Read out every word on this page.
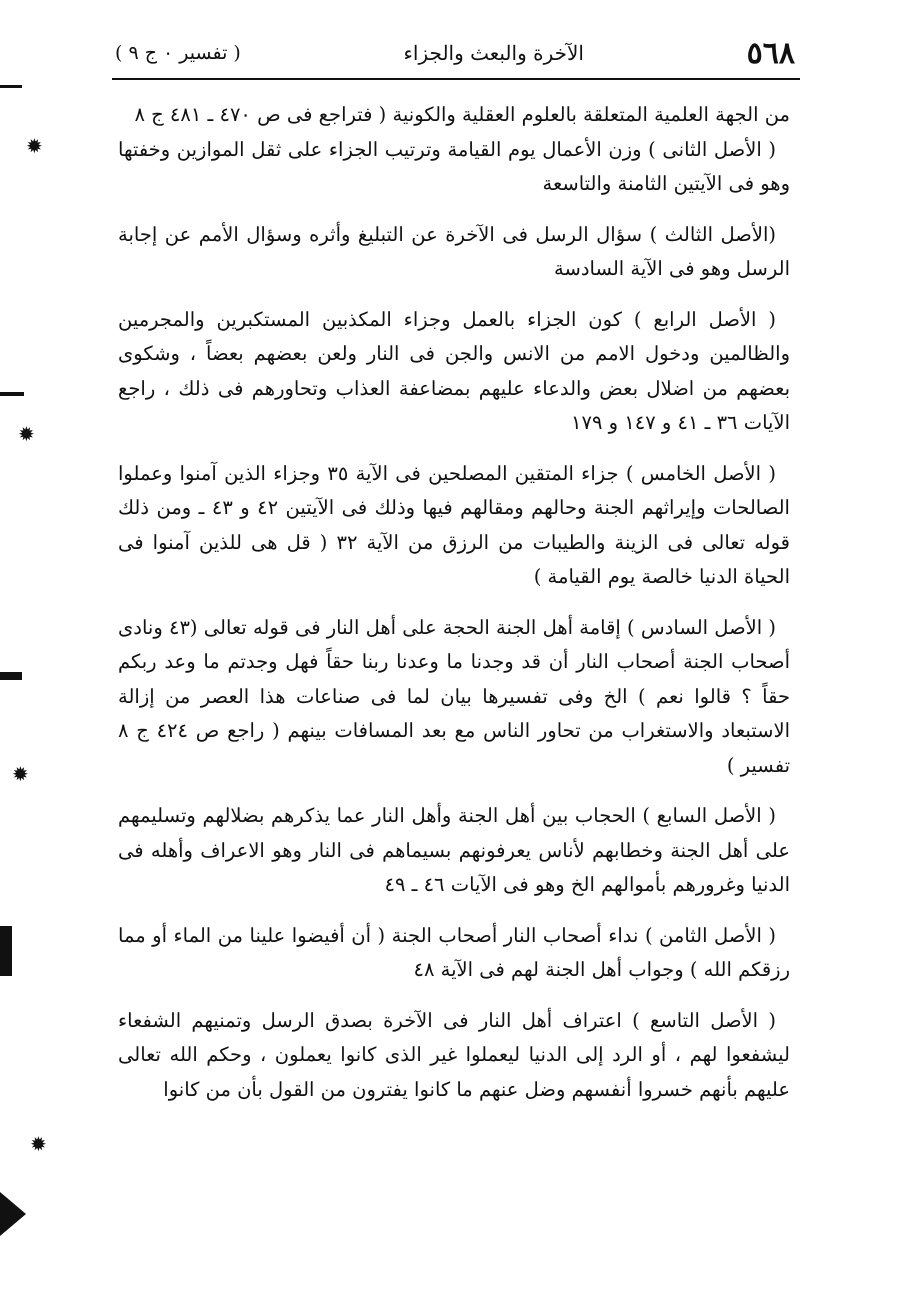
٥٦٨
الآخرة والبعث والجزاء
( تفسير ٠ ج ٩ )

من الجهة العلمية المتعلقة بالعلوم العقلية والكونية ( فتراجع فى ص ٤٧٠ ـ ٤٨١ ج ٨

( الأصل الثانى ) وزن الأعمال يوم القيامة وترتيب الجزاء على ثقل الموازين وخفتها وهو فى الآيتين الثامنة والتاسعة

(الأصل الثالث ) سؤال الرسل فى الآخرة عن التبليغ وأثره وسؤال الأمم عن إجابة الرسل وهو فى الآية السادسة

( الأصل الرابع ) كون الجزاء بالعمل وجزاء المكذبين المستكبرين والمجرمين والظالمين ودخول الامم من الانس والجن فى النار ولعن بعضهم بعضاً ، وشكوى بعضهم من اضلال بعض والدعاء عليهم بمضاعفة العذاب وتحاورهم فى ذلك ، راجع الآيات ٣٦ ـ ٤١ و ١٤٧ و ١٧٩

( الأصل الخامس ) جزاء المتقين المصلحين فى الآية ٣٥ وجزاء الذين آمنوا وعملوا الصالحات وإيراثهم الجنة وحالهم ومقالهم فيها وذلك فى الآيتين ٤٢ و ٤٣ ـ ومن ذلك قوله تعالى فى الزينة والطيبات من الرزق من الآية ٣٢ ( قل هى للذين آمنوا فى الحياة الدنيا خالصة يوم القيامة )

( الأصل السادس ) إقامة أهل الجنة الحجة على أهل النار فى قوله تعالى (٤٣ ونادى أصحاب الجنة أصحاب النار أن قد وجدنا ما وعدنا ربنا حقاً فهل وجدتم ما وعد ربكم حقاً ؟ قالوا نعم ) الخ وفى تفسيرها بيان لما فى صناعات هذا العصر من إزالة الاستبعاد والاستغراب من تحاور الناس مع بعد المسافات بينهم ( راجع ص ٤٢٤ ج ٨ تفسير )

( الأصل السابع ) الحجاب بين أهل الجنة وأهل النار عما يذكرهم بضلالهم وتسليمهم على أهل الجنة وخطابهم لأناس يعرفونهم بسيماهم فى النار وهو الاعراف وأهله فى الدنيا وغرورهم بأموالهم الخ وهو فى الآيات ٤٦ ـ ٤٩

( الأصل الثامن ) نداء أصحاب النار أصحاب الجنة ( أن أفيضوا علينا من الماء أو مما رزقكم الله ) وجواب أهل الجنة لهم فى الآية ٤٨

( الأصل التاسع ) اعتراف أهل النار فى الآخرة بصدق الرسل وتمنيهم الشفعاء ليشفعوا لهم ، أو الرد إلى الدنيا ليعملوا غير الذى كانوا يعملون ، وحكم الله تعالى عليهم بأنهم خسروا أنفسهم وضل عنهم ما كانوا يفترون من القول بأن من كانوا

✹
✹
✹
✹
